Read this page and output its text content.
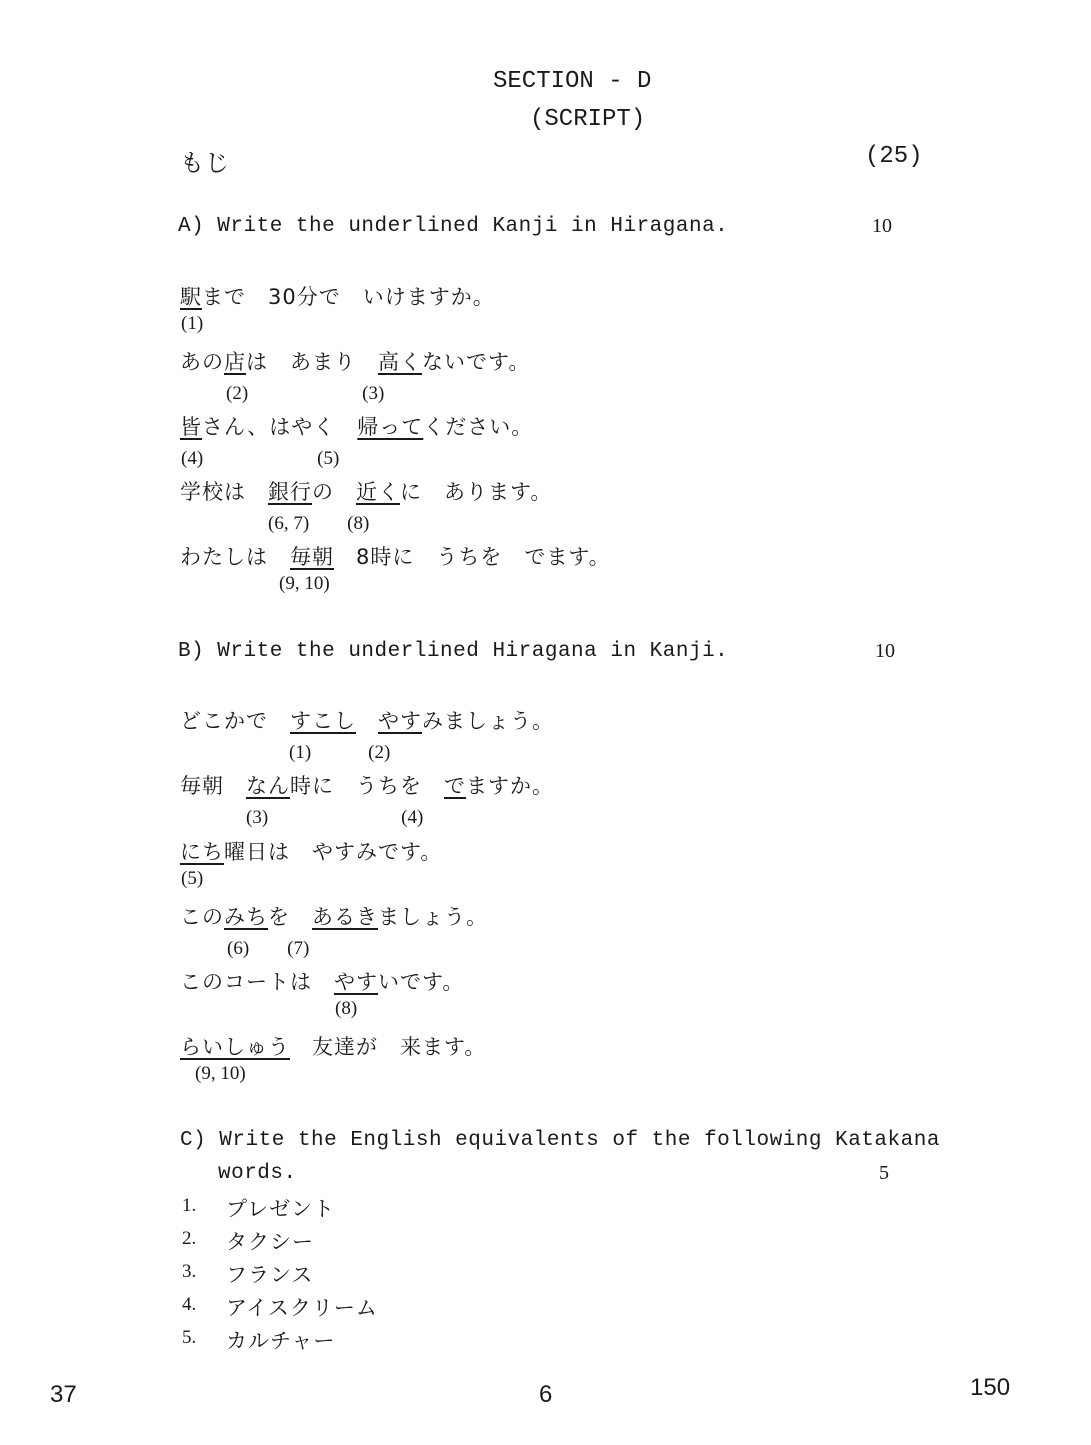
SECTION - D
(SCRIPT)
もじ	(25)
A) Write the underlined Kanji in Hiragana.	10
駅まで　30分で　いけますか。
(1)
あの店は　あまり　高くないです。
(2)　　　　　　(3)
皆さん、はやく　帰ってください。
(4)　　　　　　(5)
学校は　銀行の　近くに　あります。
(6, 7)　　(8)
わたしは　毎朝　8時に　うちを　でます。
(9, 10)
B) Write the underlined Hiragana in Kanji.	10
どこかで　すこし　 やすみましょう。
(1)　　　(2)
毎朝　なん時に　うちを　でますか。
(3)　　　　　　　(4)
にち曜日は　やすみです。
(5)
このみちを　あるきましょう。
(6)　　(7)
このコートは　やすいです。
(8)
らいしゅう　友達が　来ます。
(9, 10)
C) Write the English equivalents of the following Katakana
words.	5
1. プレゼント
2. タクシー
3. フランス
4. アイスクリーム
5. カルチャー
37	6	150
